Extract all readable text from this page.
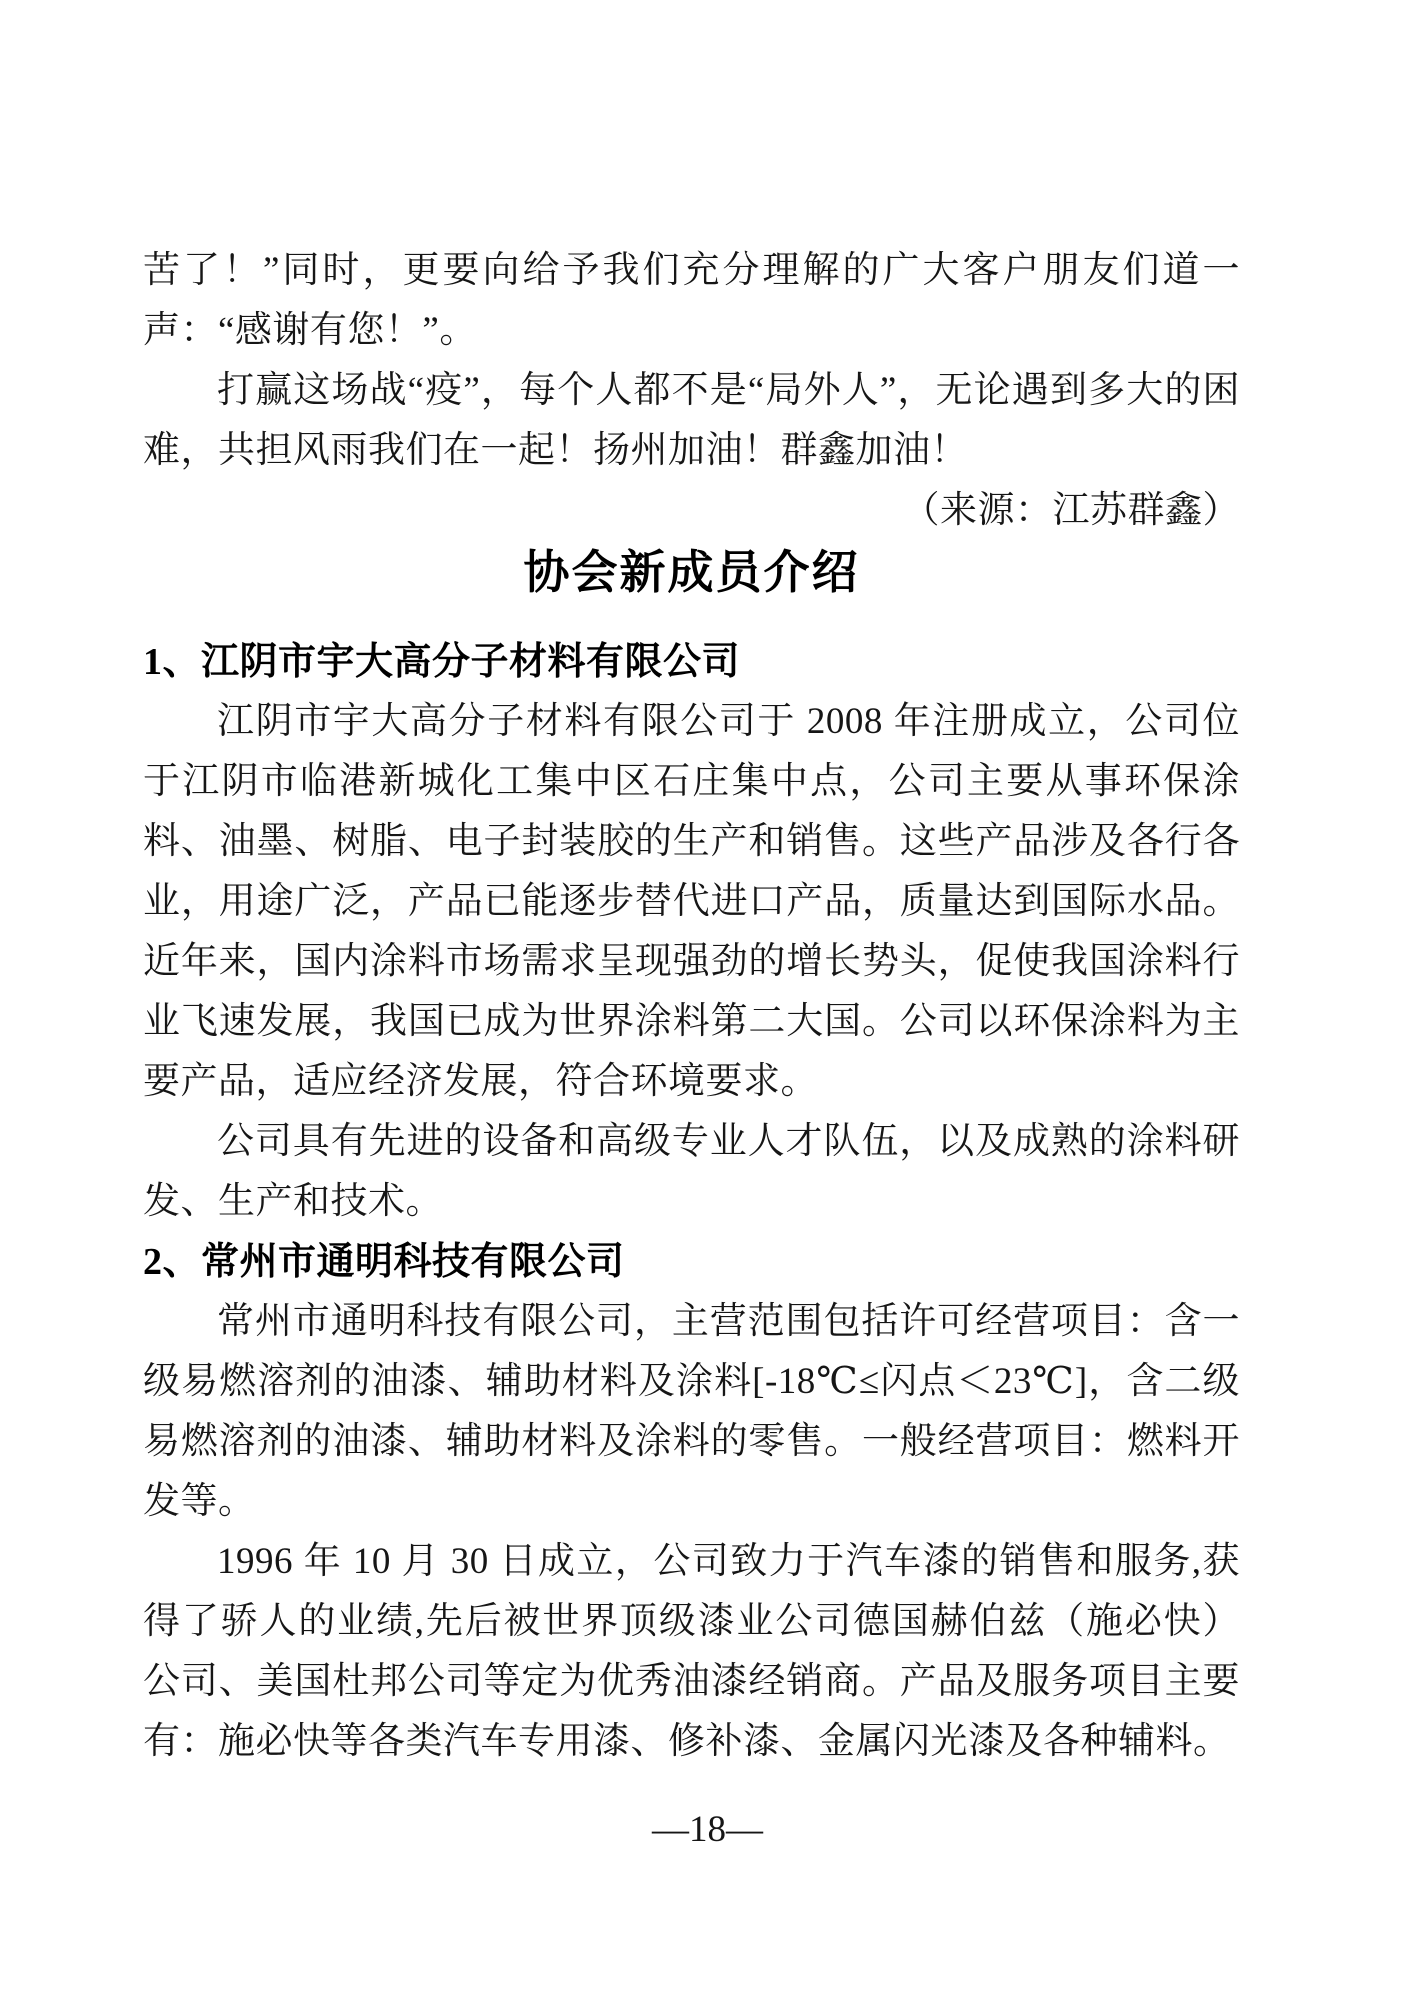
苦了！”同时，更要向给予我们充分理解的广大客户朋友们道一声：“感谢有您！”。

打赢这场战“疫”，每个人都不是“局外人”，无论遇到多大的困难，共担风雨我们在一起！扬州加油！群鑫加油！

（来源：江苏群鑫）

协会新成员介绍
1、江阴市宇大高分子材料有限公司

江阴市宇大高分子材料有限公司于 2008 年注册成立，公司位于江阴市临港新城化工集中区石庄集中点，公司主要从事环保涂料、油墨、树脂、电子封装胶的生产和销售。这些产品涉及各行各业，用途广泛，产品已能逐步替代进口产品，质量达到国际水品。近年来，国内涂料市场需求呈现强劲的增长势头，促使我国涂料行业飞速发展，我国已成为世界涂料第二大国。公司以环保涂料为主要产品，适应经济发展，符合环境要求。

公司具有先进的设备和高级专业人才队伍，以及成熟的涂料研发、生产和技术。

2、常州市通明科技有限公司

常州市通明科技有限公司，主营范围包括许可经营项目：含一级易燃溶剂的油漆、辅助材料及涂料[-18℃≤闪点＜23℃]，含二级易燃溶剂的油漆、辅助材料及涂料的零售。一般经营项目：燃料开发等。

1996 年 10 月 30 日成立，公司致力于汽车漆的销售和服务,获得了骄人的业绩,先后被世界顶级漆业公司德国赫伯兹（施必快）公司、美国杜邦公司等定为优秀油漆经销商。产品及服务项目主要有：施必快等各类汽车专用漆、修补漆、金属闪光漆及各种辅料。

—18—
